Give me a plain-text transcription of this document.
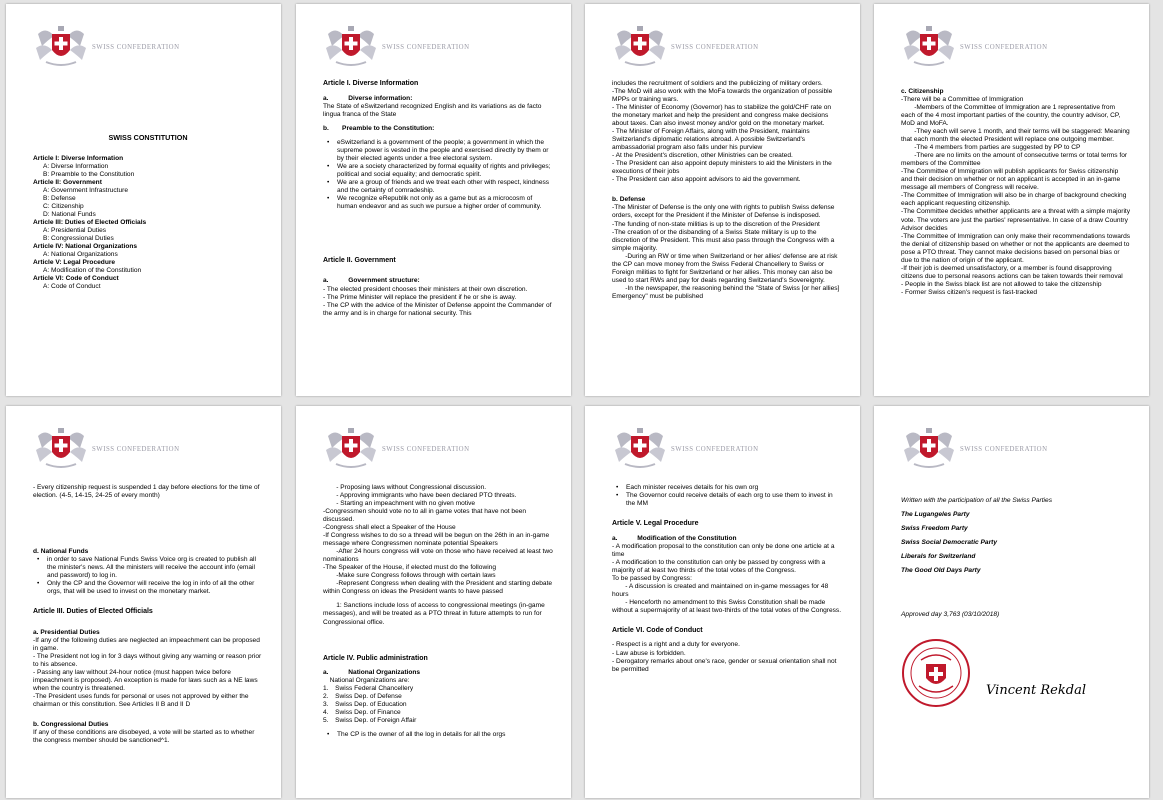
SWISS CONFEDERATION

SWISS CONSTITUTION

Article I: Diverse Information

A: Diverse Information

B: Preamble to the Constitution

Article II: Government

A: Government Infrastructure

B: Defense

C: Citizenship

D: National Funds

Article III: Duties of Elected Officials

A: Presidential Duties

B: Congressional Duties

Article IV: National Organizations

A: National Organizations

Article V: Legal Procedure

A: Modification of the Constitution

Article VI: Code of Conduct

A: Code of Conduct

SWISS CONFEDERATION

Article I. Diverse Information

a.   Diverse information:

The State of eSwitzerland recognized English and its variations as de facto lingua franca of the State

b.  Preamble to the Constitution:

• eSwitzerland is a government of the people; a government in which the supreme power is vested in the people and exercised directly by them or by their elected agents under a free electoral system.

• We are a society characterized by formal equality of rights and privileges; political and social equality; and democratic spirit.

• We are a group of friends and we treat each other with respect, kindness and the certainty of comradeship.

• We recognize eRepublik not only as a game but as a microcosm of human endeavor and as such we pursue a higher order of community.

Article II. Government

a.   Government structure:

- The elected president chooses their ministers at their own discretion.

- The Prime Minister will replace the president if he or she is away.

- The CP with the advice of the Minister of Defense appoint the Commander of the army and is in charge for national security. This

SWISS CONFEDERATION

includes the recruitment of soldiers and the publicizing of military orders.

-The MoD will also work with the MoFa towards the organization of possible MPPs or training wars.

- The Minister of Economy (Governor) has to stabilize the gold/CHF rate on the monetary market and help the president and congress make decisions about taxes. Can also invest money and/or gold on the monetary market.

- The Minister of Foreign Affairs, along with the President, maintains Switzerland's diplomatic relations abroad. A possible Switzerland's ambassadorial program also falls under his purview

- At the President's discretion, other Ministries can be created.

- The President can also appoint deputy ministers to aid the Ministers in the executions of their jobs

- The President can also appoint advisors to aid the government.

b. Defense

-The Minister of Defense is the only one with rights to publish Swiss defense orders, except for the President if the Minister of Defense is indisposed.

-The funding of non-state militias is up to the discretion of the President

-The creation of or the disbanding of a Swiss State military is up to the discretion of the President. This must also pass through the Congress with a simple majority.

  -During an RW or time when Switzerland or her allies' defense are at risk the CP can move money from the Swiss Federal Chancellery to Swiss or Foreign militias to fight for Switzerland or her allies. This money can also be used to start RWs and pay for deals regarding Switzerland's Sovereignty.

  -In the newspaper, the reasoning behind the "State of Swiss [or her allies] Emergency" must be published

SWISS CONFEDERATION

c. Citizenship

-There will be a Committee of Immigration

  -Members of the Committee of Immigration are 1 representative from each of the 4 most important parties of the country, the country advisor, CP, MoD and MoFA.

  -They each will serve 1 month, and their terms will be staggered: Meaning that each month the elected President will replace one outgoing member.

  -The 4 members from parties are suggested by PP to CP

  -There are no limits on the amount of consecutive terms or total terms for members of the Committee

-The Committee of Immigration will publish applicants for Swiss citizenship and their decision on whether or not an applicant is accepted in an in-game message all members of Congress will receive.

-The Committee of Immigration will also be in charge of background checking each applicant requesting citizenship.

-The Committee decides whether applicants are a threat with a simple majority vote. The voters are just the parties' representative. In case of a draw Country Advisor decides

-The Committee of Immigration can only make their recommendations towards the denial of citizenship based on whether or not the applicants are deemed to pose a PTO threat. They cannot make decisions based on personal bias or due to the nation of origin of the applicant.

-If their job is deemed unsatisfactory, or a member is found disapproving citizens due to personal reasons actions can be taken towards their removal

- People in the Swiss black list are not allowed to take the citizenship

- Former Swiss citizen's request is fast-tracked

SWISS CONFEDERATION

- Every citizenship request is suspended 1 day before elections for the time of election. (4-5, 14-15, 24-25 of every month)

d. National Funds

• in order to save National Funds Swiss Voice org is created to publish all the minister's news. All the ministers will receive the account info (email and password) to log in.

• Only the CP and the Governor will receive the log in info of all the other orgs, that will be used to invest on the monetary market.

Article III. Duties of Elected Officials

a. Presidential Duties

-If any of the following duties are neglected an impeachment can be proposed in game.

- The President not log in for 3 days without giving any warning or reason prior to his absence.

- Passing any law without 24-hour notice (must happen twice before impeachment is proposed). An exception is made for laws such as a NE laws when the country is threatened.

-The President uses funds for personal or uses not approved by either the chairman or this constitution. See Articles II B and II D

b. Congressional Duties

If any of these conditions are disobeyed, a vote will be started as to whether the congress member should be sanctioned^1.

SWISS CONFEDERATION

  - Proposing laws without Congressional discussion.

  - Approving immigrants who have been declared PTO threats.

  - Starting an impeachment with no given motive

-Congressmen should vote no to all in game votes that have not been discussed.

-Congress shall elect a Speaker of the House

-If Congress wishes to do so a thread will be begun on the 26th in an in-game message where Congressmen nominate potential Speakers

  -After 24 hours congress will vote on those who have received at least two nominations

-The Speaker of the House, if elected must do the following

  -Make sure Congress follows through with certain laws

  -Represent Congress when dealing with the President and starting debate within Congress on ideas the President wants to have passed

  1: Sanctions include loss of access to congressional meetings (in-game messages), and will be treated as a PTO threat in future attempts to run for Congressional office.

Article IV. Public administration

a.   National Organizations

 National Organizations are:

1. Swiss Federal Chancellery

2. Swiss Dep. of Defense

3. Swiss Dep. of Education

4. Swiss Dep. of Finance

5. Swiss Dep. of Foreign Affair

• The CP is the owner of all the log in details for all the orgs

SWISS CONFEDERATION

• Each minister receives details for his own org

• The Governor could receive details of each org to use them to invest in the MM

Article V. Legal Procedure

a.   Modification of the Constitution

- A modification proposal to the constitution can only be done one article at a time

- A modification to the constitution can only be passed by congress with a majority of at least two thirds of the total votes of the Congress.

To be passed by Congress:

  - A discussion is created and maintained on in-game messages for 48 hours

  - Henceforth no amendment to this Swiss Constitution shall be made without a supermajority of at least two-thirds of the total votes of the Congress.

Article VI. Code of Conduct

- Respect is a right and a duty for everyone.

- Law abuse is forbidden.

- Derogatory remarks about one's race, gender or sexual orientation shall not be permitted

SWISS CONFEDERATION

Written with the participation of all the Swiss Parties

The Lugangeles Party

Swiss Freedom Party

Swiss Social Democratic Party

Liberals for Switzerland

The Good Old Days Party

Approved day 3,763 (03/10/2018)

Vincent Rekdal
